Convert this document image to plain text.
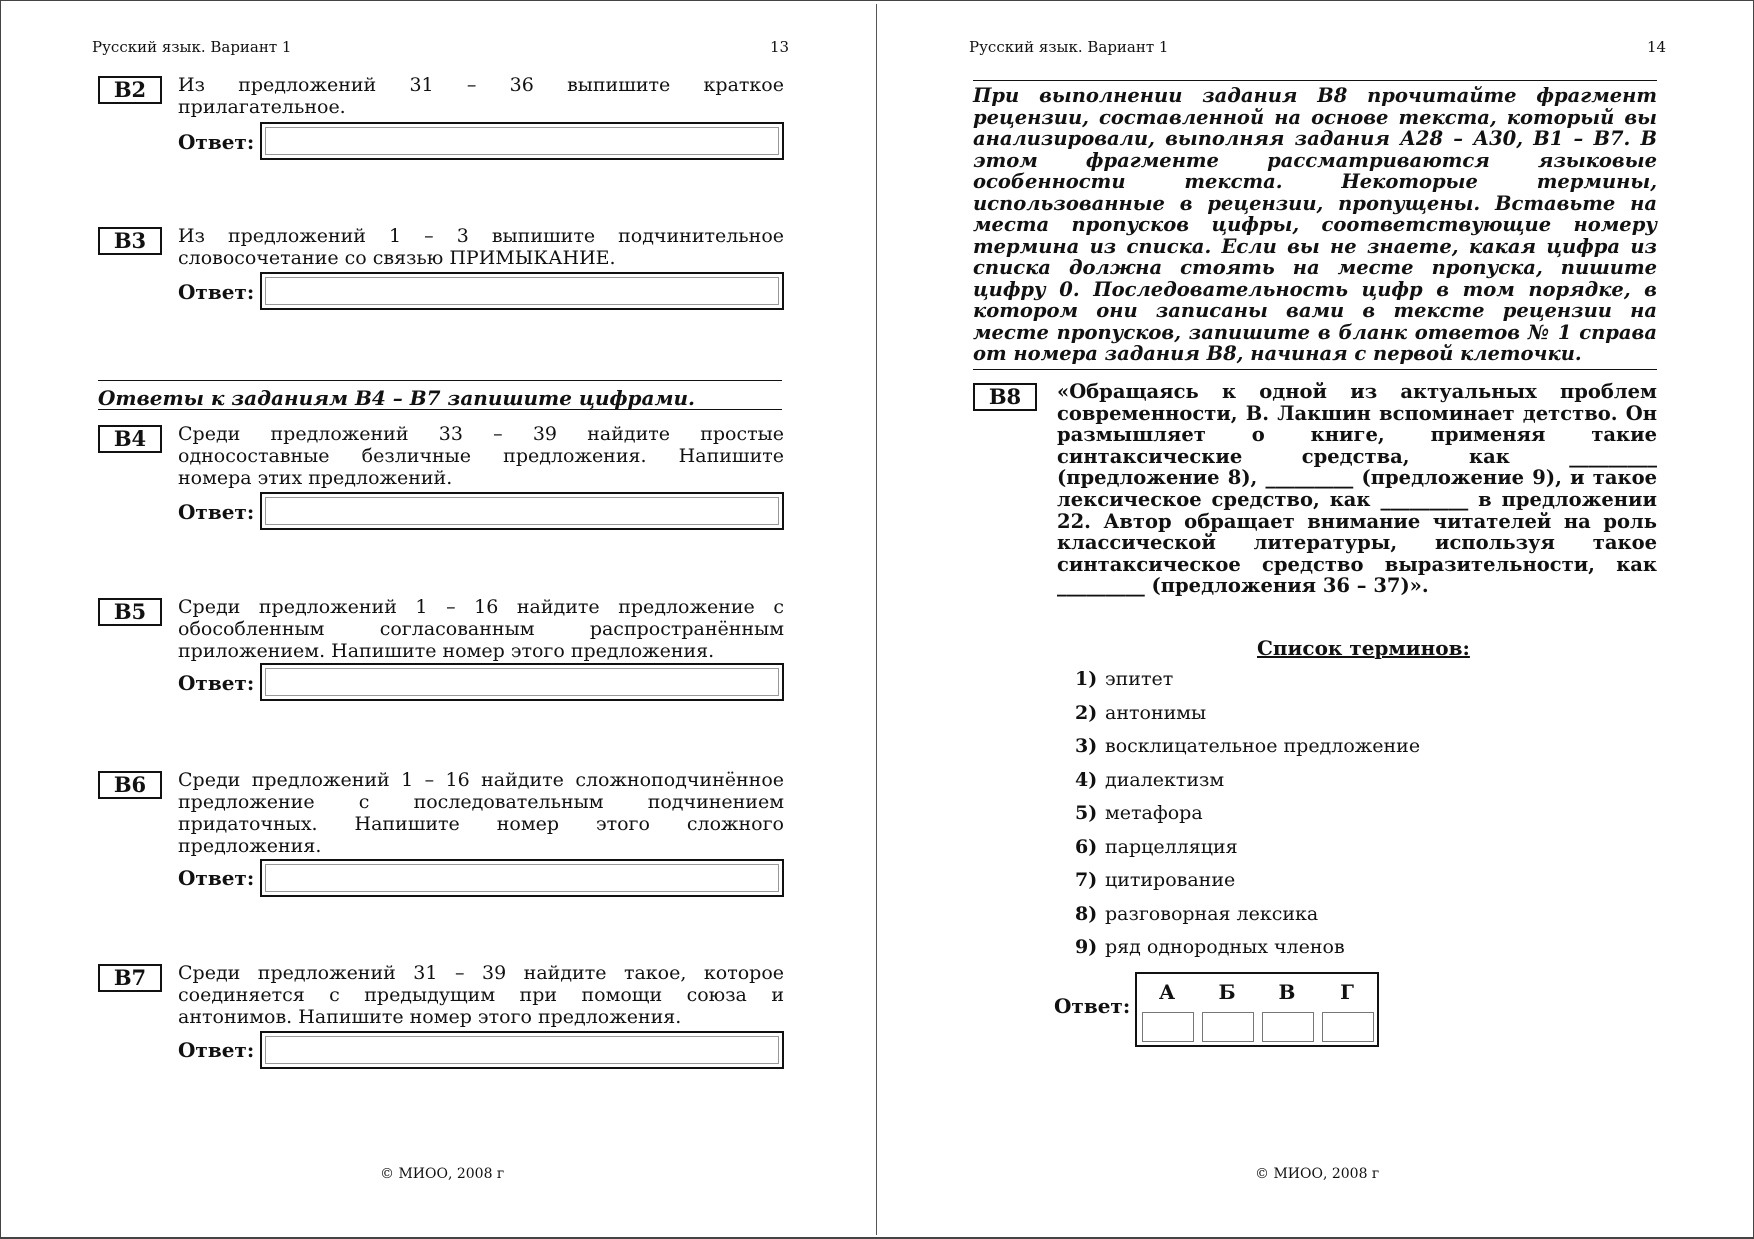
Русский язык. Вариант 1	13
В2	Из предложений 31 – 36 выпишите краткое прилагательное.
Ответ:
В3	Из предложений 1 – 3 выпишите подчинительное словосочетание со связью ПРИМЫКАНИЕ.
Ответ:
Ответы к заданиям В4 – В7 запишите цифрами.
В4	Среди предложений 33 – 39 найдите простые односоставные безличные предложения. Напишите номера этих предложений.
Ответ:
В5	Среди предложений 1 – 16 найдите предложение с обособленным согласованным распространённым приложением. Напишите номер этого предложения.
Ответ:
В6	Среди предложений 1 – 16 найдите сложноподчинённое предложение с последовательным подчинением придаточных. Напишите номер этого сложного предложения.
Ответ:
В7	Среди предложений 31 – 39 найдите такое, которое соединяется с предыдущим при помощи союза и антонимов. Напишите номер этого предложения.
Ответ:
© МИОО, 2008 г
Русский язык. Вариант 1	14
При выполнении задания В8 прочитайте фрагмент рецензии, составленной на основе текста, который вы анализировали, выполняя задания А28 – А30, В1 – В7. В этом фрагменте рассматриваются языковые особенности текста. Некоторые термины, использованные в рецензии, пропущены. Вставьте на места пропусков цифры, соответствующие номеру термина из списка. Если вы не знаете, какая цифра из списка должна стоять на месте пропуска, пишите цифру 0. Последовательность цифр в том порядке, в котором они записаны вами в тексте рецензии на месте пропусков, запишите в бланк ответов № 1 справа от номера задания В8, начиная с первой клеточки.
В8	«Обращаясь к одной из актуальных проблем современности, В. Лакшин вспоминает детство. Он размышляет о книге, применяя такие синтаксические средства, как _________ (предложение 8), _________ (предложение 9), и такое лексическое средство, как _________ в предложении 22. Автор обращает внимание читателей на роль классической литературы, используя такое синтаксическое средство выразительности, как _________ (предложения 36 – 37)».
Список терминов:
1) эпитет
2) антонимы
3) восклицательное предложение
4) диалектизм
5) метафора
6) парцелляция
7) цитирование
8) разговорная лексика
9) ряд однородных членов
Ответ:
А	Б	В	Г
© МИОО, 2008 г
